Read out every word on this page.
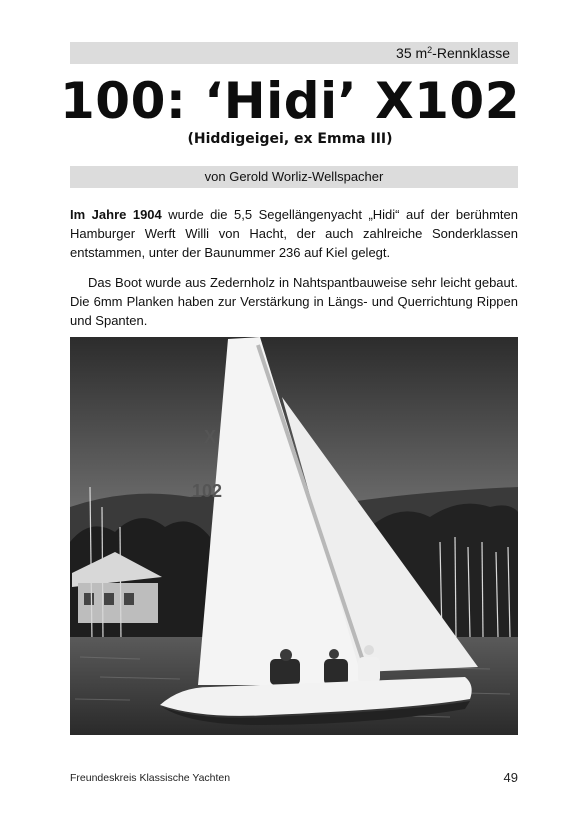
35 $m^2$-Rennklasse
100: ‘Hidi’ X102
(Hiddigeigei, ex Emma III)
von Gerold Worliz-Wellspacher

Im Jahre 1904 wurde die 5,5 Segellängenyacht „Hidi“ auf der berühmten Hamburger Werft Willi von Hacht, der auch zahlreiche Sonderklassen entstammen, unter der Baunummer 236 auf Kiel gelegt.

Das Boot wurde aus Zedernholz in Nahtspantbauweise sehr leicht gebaut. Die 6mm Planken haben zur Verstärkung in Längs- und Querrichtung Rippen und Spanten.

X
102
Freundeskreis Klassische Yachten	49
